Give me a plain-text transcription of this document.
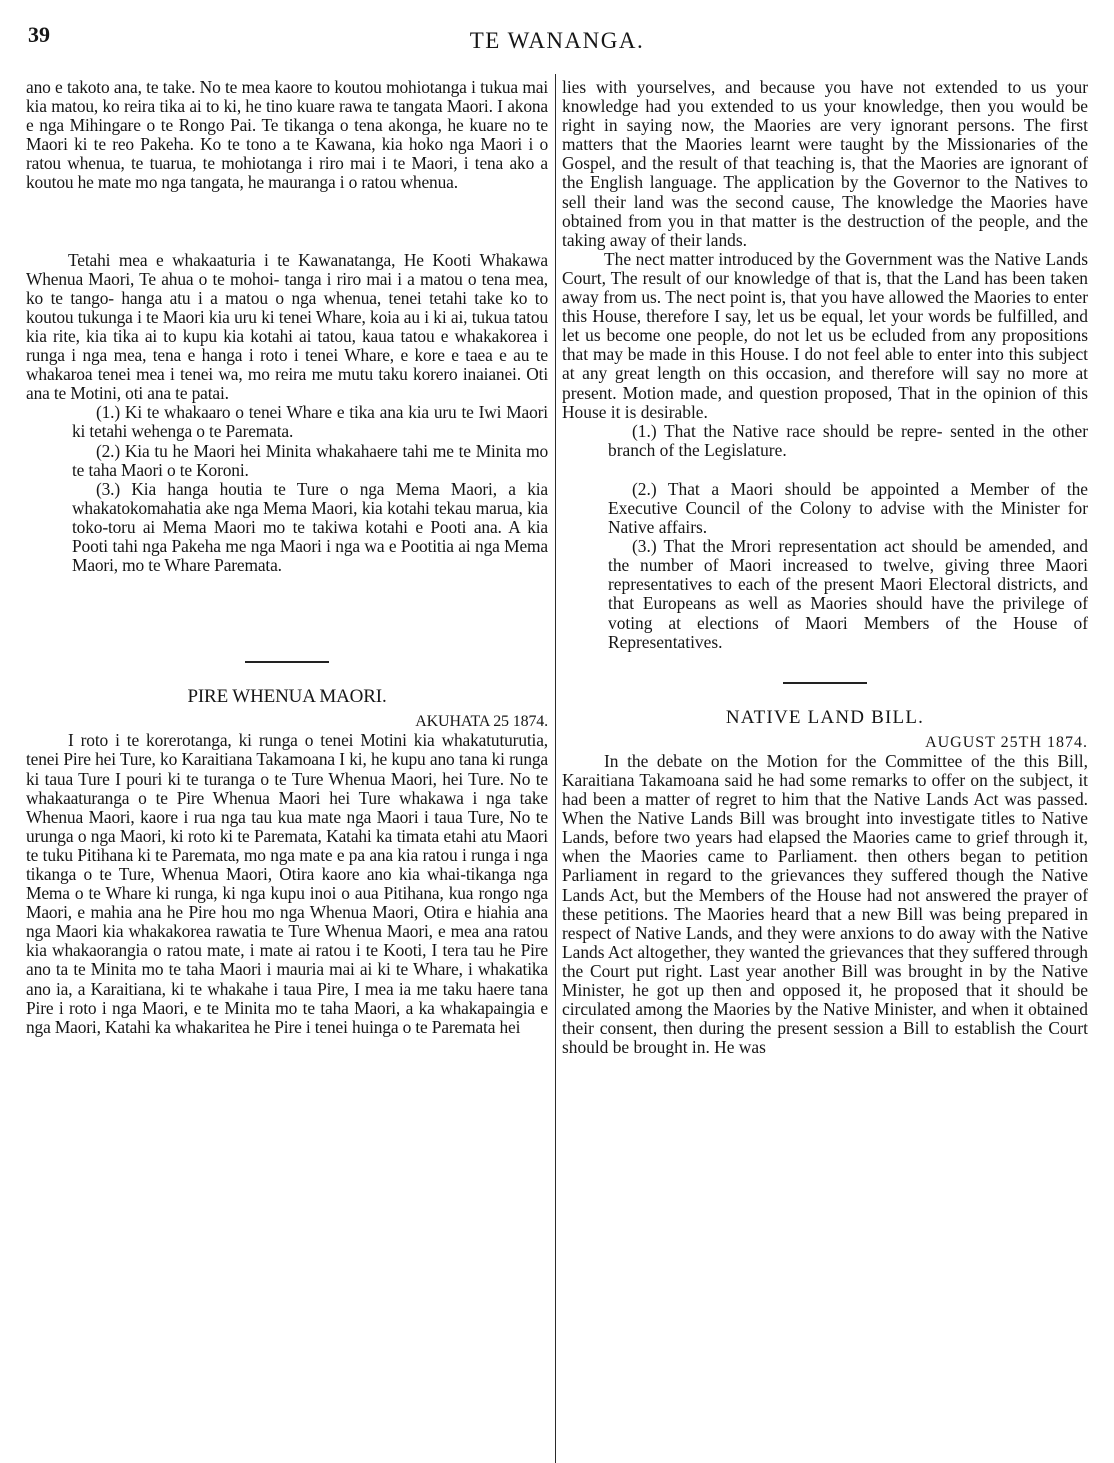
39	TE WANANGA.

ano e takoto ana, te take. No te mea kaore to koutou mohiotanga i tukua mai kia matou, ko reira tika ai to ki, he tino kuare rawa te tangata Maori. I akona e nga Mihingare o te Rongo Pai. Te tikanga o tena akonga, he kuare no te Maori ki te reo Pakeha. Ko te tono a te Kawana, kia hoko nga Maori i o ratou whenua, te tuarua, te mohiotanga i riro mai i te Maori, i tena ako a koutou he mate mo nga tangata, he mauranga i o ratou whenua.

Tetahi mea e whakaaturia i te Kawanatanga, He Kooti Whakawa Whenua Maori, Te ahua o te mohoi- tanga i riro mai i a matou o tena mea, ko te tango- hanga atu i a matou o nga whenua, tenei tetahi take ko to koutou tukunga i te Maori kia uru ki tenei Whare, koia au i ki ai, tukua tatou kia rite, kia tika ai to kupu kia kotahi ai tatou, kaua tatou e whakakorea i runga i nga mea, tena e hanga i roto i tenei Whare, e kore e taea e au te whakaroa tenei mea i tenei wa, mo reira me mutu taku korero inaianei. Oti ana te Motini, oti ana te patai.

(1.) Ki te whakaaro o tenei Whare e tika ana kia uru te Iwi Maori ki tetahi wehenga o te Paremata.

(2.) Kia tu he Maori hei Minita whakahaere tahi me te Minita mo te taha Maori o te Koroni.

(3.) Kia hanga houtia te Ture o nga Mema Maori, a kia whakatokomahatia ake nga Mema Maori, kia kotahi tekau marua, kia toko-toru ai Mema Maori mo te takiwa kotahi e Pooti ana. A kia Pooti tahi nga Pakeha me nga Maori i nga wa e Pootitia ai nga Mema Maori, mo te Whare Paremata.

PIRE WHENUA MAORI.

AKUHATA 25 1874.

I roto i te korerotanga, ki runga o tenei Motini kia whakatuturutia, tenei Pire hei Ture, ko Karaitiana Takamoana I ki, he kupu ano tana ki runga ki taua Ture I pouri ki te turanga o te Ture Whenua Maori, hei Ture. No te whakaaturanga o te Pire Whenua Maori hei Ture whakawa i nga take Whenua Maori, kaore i rua nga tau kua mate nga Maori i taua Ture, No te urunga o nga Maori, ki roto ki te Paremata, Katahi ka timata etahi atu Maori te tuku Pitihana ki te Paremata, mo nga mate e pa ana kia ratou i runga i nga tikanga o te Ture, Whenua Maori, Otira kaore ano kia whai-tikanga nga Mema o te Whare ki runga, ki nga kupu inoi o aua Pitihana, kua rongo nga Maori, e mahia ana he Pire hou mo nga Whenua Maori, Otira e hiahia ana nga Maori kia whakakorea rawatia te Ture Whenua Maori, e mea ana ratou kia whakaorangia o ratou mate, i mate ai ratou i te Kooti, I tera tau he Pire ano ta te Minita mo te taha Maori i mauria mai ai ki te Whare, i whakatika ano ia, a Karaitiana, ki te whakahe i taua Pire, I mea ia me taku haere tana Pire i roto i nga Maori, e te Minita mo te taha Maori, a ka whakapaingia e nga Maori, Katahi ka whakaritea he Pire i tenei huinga o te Paremata hei

lies with yourselves, and because you have not extended to us your knowledge had you extended to us your knowledge, then you would be right in saying now, the Maories are very ignorant persons. The first matters that the Maories learnt were taught by the Missionaries of the Gospel, and the result of that teaching is, that the Maories are ignorant of the English language. The application by the Governor to the Natives to sell their land was the second cause, The knowledge the Maories have obtained from you in that matter is the destruction of the people, and the taking away of their lands.

The nect matter introduced by the Government was the Native Lands Court, The result of our knowledge of that is, that the Land has been taken away from us. The nect point is, that you have allowed the Maories to enter this House, therefore I say, let us be equal, let your words be fulfilled, and let us become one people, do not let us be ecluded from any propositions that may be made in this House. I do not feel able to enter into this subject at any great length on this occasion, and therefore will say no more at present. Motion made, and question proposed, That in the opinion of this House it is desirable.

(1.) That the Native race should be repre- sented in the other branch of the Legislature.

(2.) That a Maori should be appointed a Member of the Executive Council of the Colony to advise with the Minister for Native affairs.

(3.) That the Mrori representation act should be amended, and the number of Maori increased to twelve, giving three Maori representatives to each of the present Maori Electoral districts, and that Europeans as well as Maories should have the privilege of voting at elections of Maori Members of the House of Representatives.

NATIVE LAND BILL.

AUGUST 25TH 1874.

In the debate on the Motion for the Committee of the this Bill, Karaitiana Takamoana said he had some remarks to offer on the subject, it had been a matter of regret to him that the Native Lands Act was passed. When the Native Lands Bill was brought into investigate titles to Native Lands, before two years had elapsed the Maories came to grief through it, when the Maories came to Parliament. then others began to petition Parliament in regard to the grievances they suffered though the Native Lands Act, but the Members of the House had not answered the prayer of these petitions. The Maories heard that a new Bill was being prepared in respect of Native Lands, and they were anxions to do away with the Native Lands Act altogether, they wanted the grievances that they suffered through the Court put right. Last year another Bill was brought in by the Native Minister, he got up then and opposed it, he proposed that it should be circulated among the Maories by the Native Minister, and when it obtained their consent, then during the present session a Bill to establish the Court should be brought in. He was
